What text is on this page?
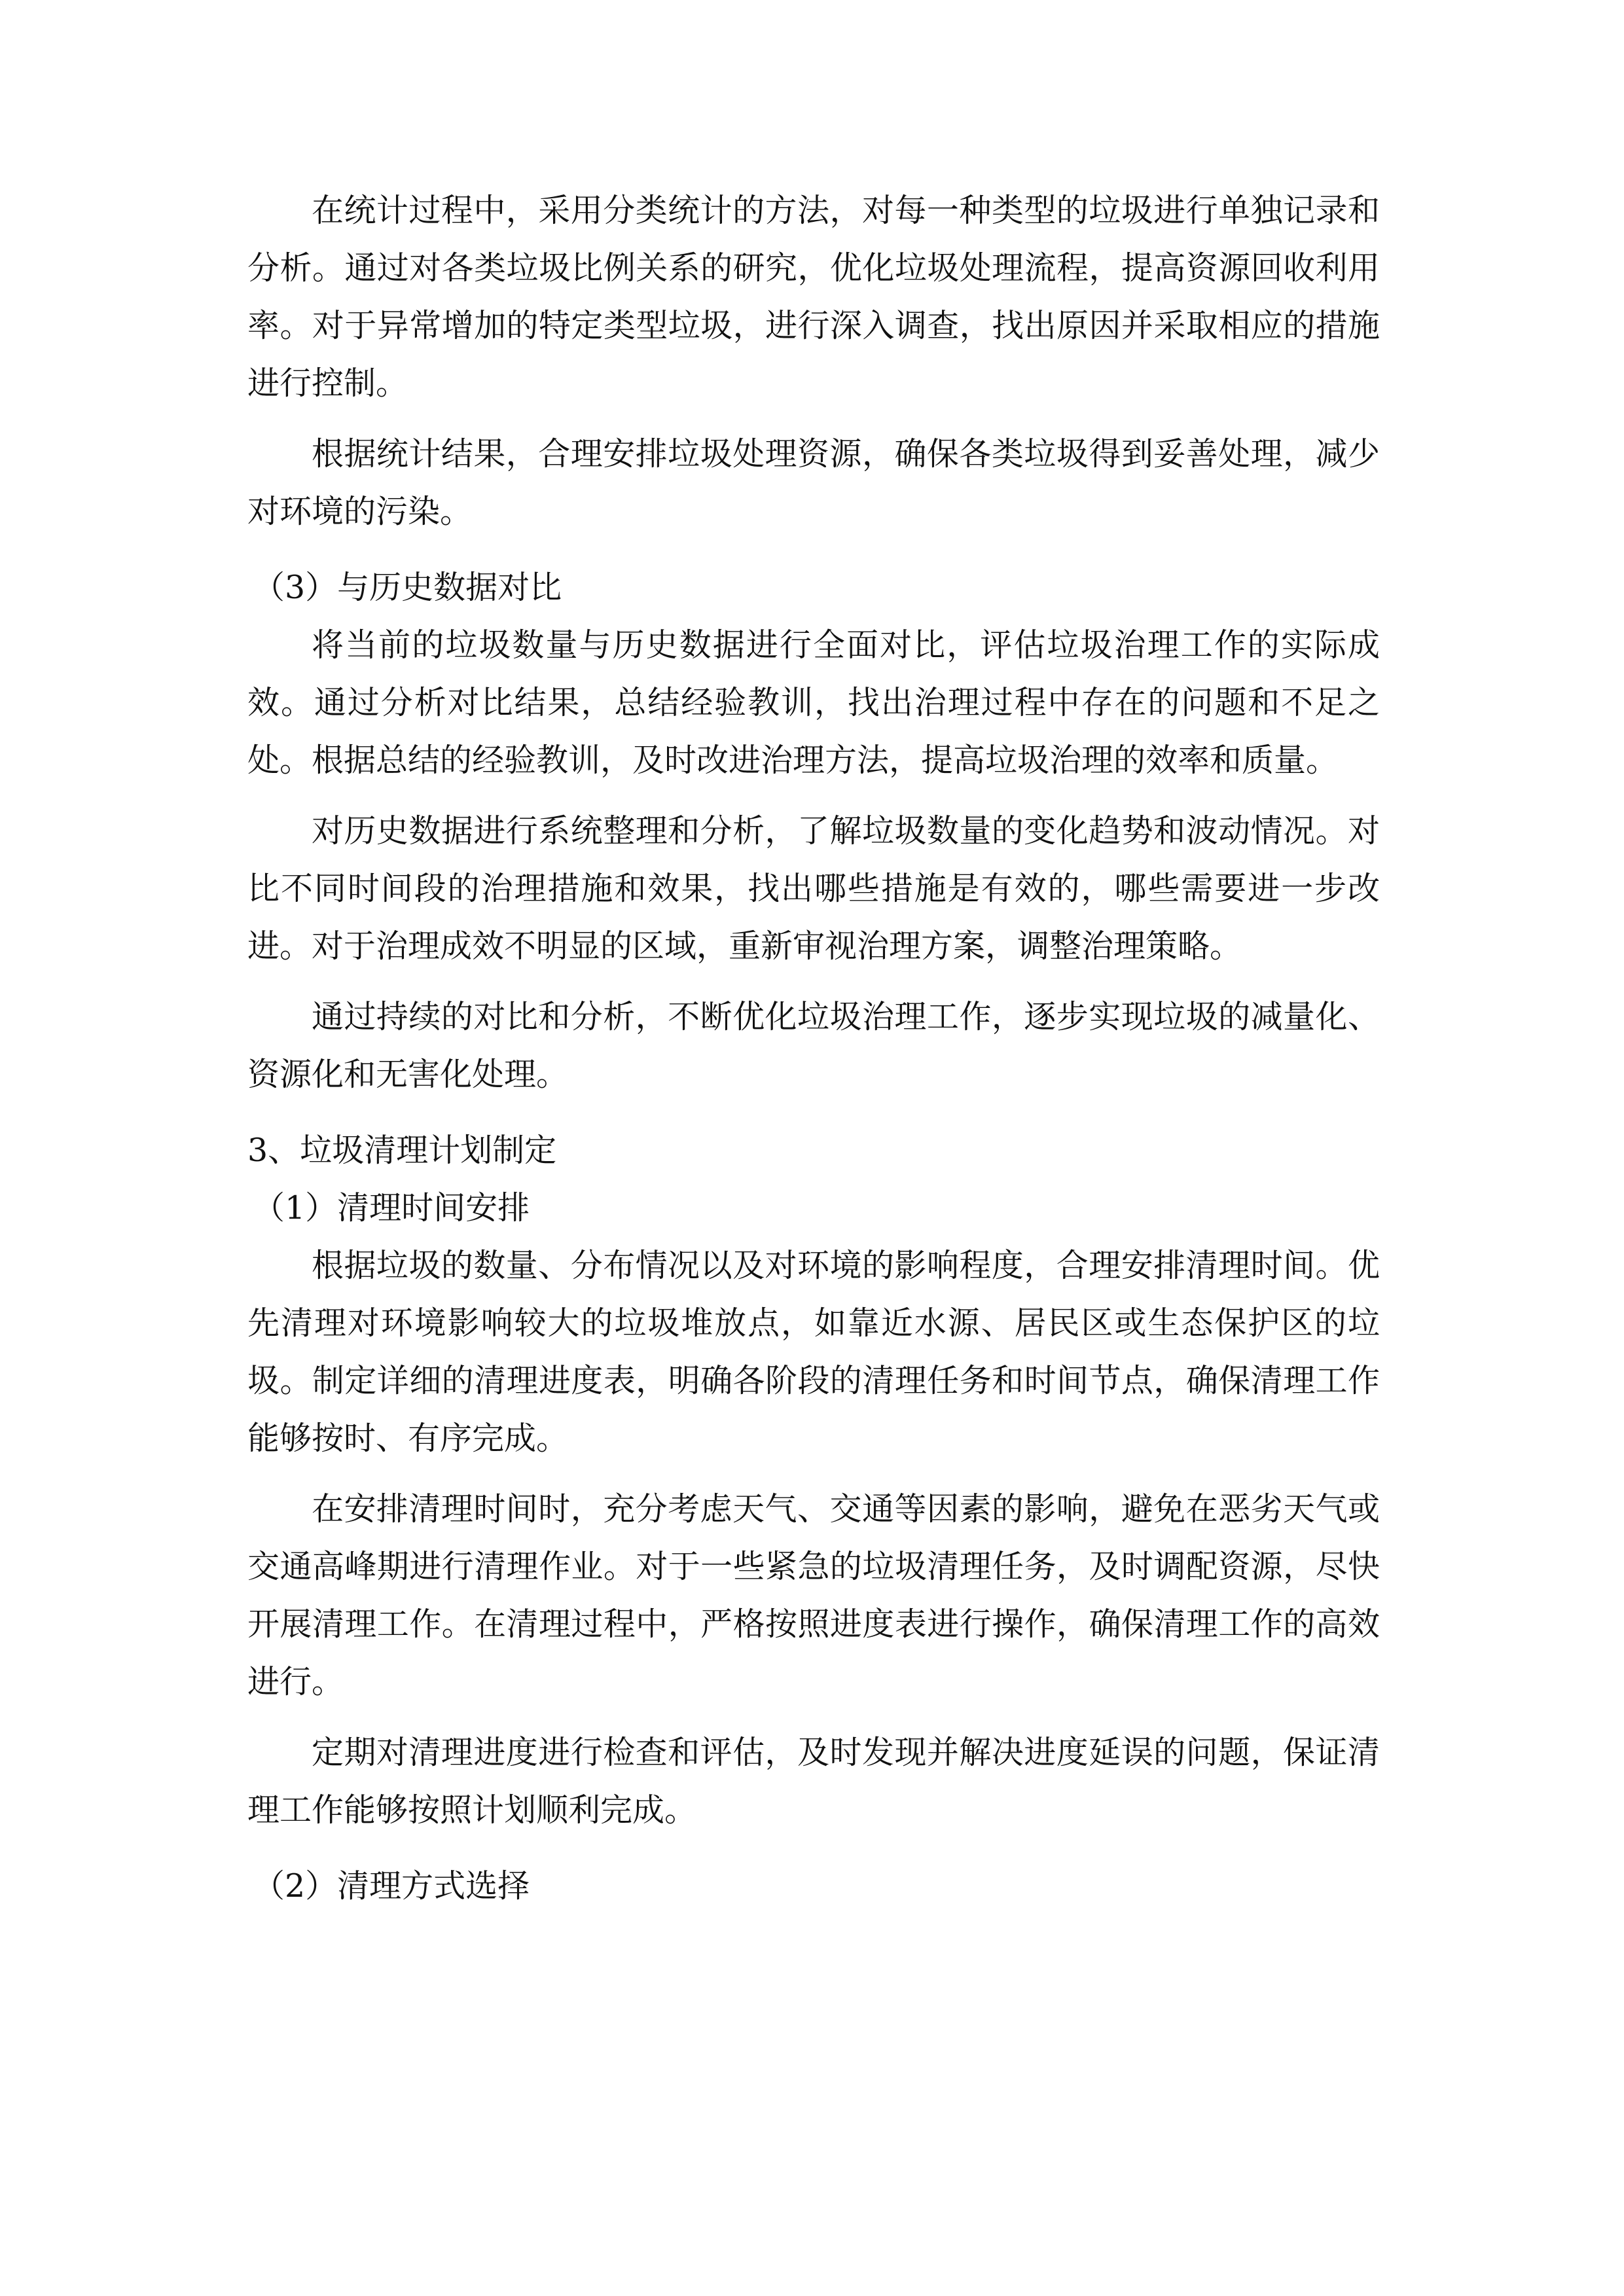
在统计过程中，采用分类统计的方法，对每一种类型的垃圾进行单独记录和分析。通过对各类垃圾比例关系的研究，优化垃圾处理流程，提高资源回收利用率。对于异常增加的特定类型垃圾，进行深入调查，找出原因并采取相应的措施进行控制。

根据统计结果，合理安排垃圾处理资源，确保各类垃圾得到妥善处理，减少对环境的污染。

（3）与历史数据对比

将当前的垃圾数量与历史数据进行全面对比，评估垃圾治理工作的实际成效。通过分析对比结果，总结经验教训，找出治理过程中存在的问题和不足之处。根据总结的经验教训，及时改进治理方法，提高垃圾治理的效率和质量。

对历史数据进行系统整理和分析，了解垃圾数量的变化趋势和波动情况。对比不同时间段的治理措施和效果，找出哪些措施是有效的，哪些需要进一步改进。对于治理成效不明显的区域，重新审视治理方案，调整治理策略。

通过持续的对比和分析，不断优化垃圾治理工作，逐步实现垃圾的减量化、资源化和无害化处理。

3、垃圾清理计划制定

（1）清理时间安排

根据垃圾的数量、分布情况以及对环境的影响程度，合理安排清理时间。优先清理对环境影响较大的垃圾堆放点，如靠近水源、居民区或生态保护区的垃圾。制定详细的清理进度表，明确各阶段的清理任务和时间节点，确保清理工作能够按时、有序完成。

在安排清理时间时，充分考虑天气、交通等因素的影响，避免在恶劣天气或交通高峰期进行清理作业。对于一些紧急的垃圾清理任务，及时调配资源，尽快开展清理工作。在清理过程中，严格按照进度表进行操作，确保清理工作的高效进行。

定期对清理进度进行检查和评估，及时发现并解决进度延误的问题，保证清理工作能够按照计划顺利完成。

（2）清理方式选择
